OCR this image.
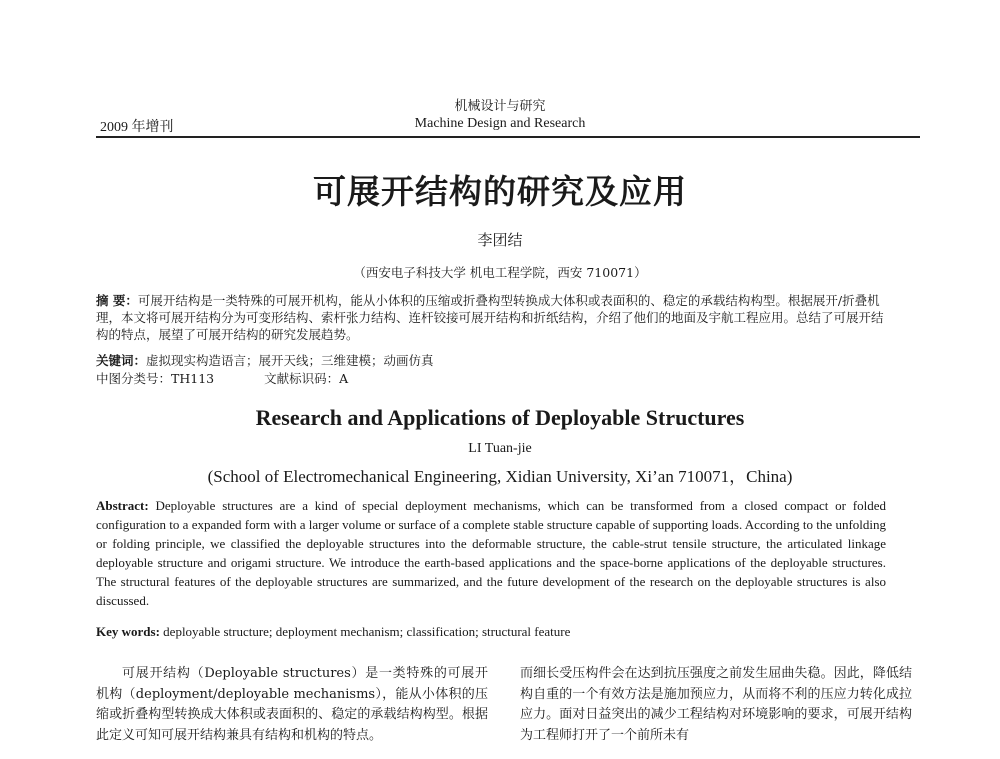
机械设计与研究
2009 年增刊	Machine Design and Research
可展开结构的研究及应用
李团结
（西安电子科技大学 机电工程学院，西安 710071）
摘 要：可展开结构是一类特殊的可展开机构，能从小体积的压缩或折叠构型转换成大体积或表面积的、稳定的承载结构构型。根据展开/折叠机理，本文将可展开结构分为可变形结构、索杆张力结构、连杆铰接可展开结构和折纸结构，介绍了他们的地面及宇航工程应用。总结了可展开结构的特点，展望了可展开结构的研究发展趋势。
关键词：虚拟现实构造语言；展开天线；三维建模；动画仿真
中图分类号：TH113	文献标识码：A
Research and Applications of Deployable Structures
LI Tuan-jie
(School of Electromechanical Engineering, Xidian University, Xi’an 710071，China)
Abstract: Deployable structures are a kind of special deployment mechanisms, which can be transformed from a closed compact or folded configuration to a expanded form with a larger volume or surface of a complete stable structure capable of supporting loads. According to the unfolding or folding principle, we classified the deployable structures into the deformable structure, the cable-strut tensile structure, the articulated linkage deployable structure and origami structure. We introduce the earth-based applications and the space-borne applications of the deployable structures. The structural features of the deployable structures are summarized, and the future development of the research on the deployable structures is also discussed.
Key words: deployable structure; deployment mechanism; classification; structural feature
可展开结构（Deployable structures）是一类特殊的可展开机构（deployment/deployable mechanisms），能从小体积的压缩或折叠构型转换成大体积或表面积的、稳定的承载结构构型。根据此定义可知可展开结构兼具有结构和机构的特点。
而细长受压构件会在达到抗压强度之前发生屈曲失稳。因此，降低结构自重的一个有效方法是施加预应力，从而将不利的压应力转化成拉应力。面对日益突出的减少工程结构对环境影响的要求，可展开结构为工程师打开了一个前所未有
